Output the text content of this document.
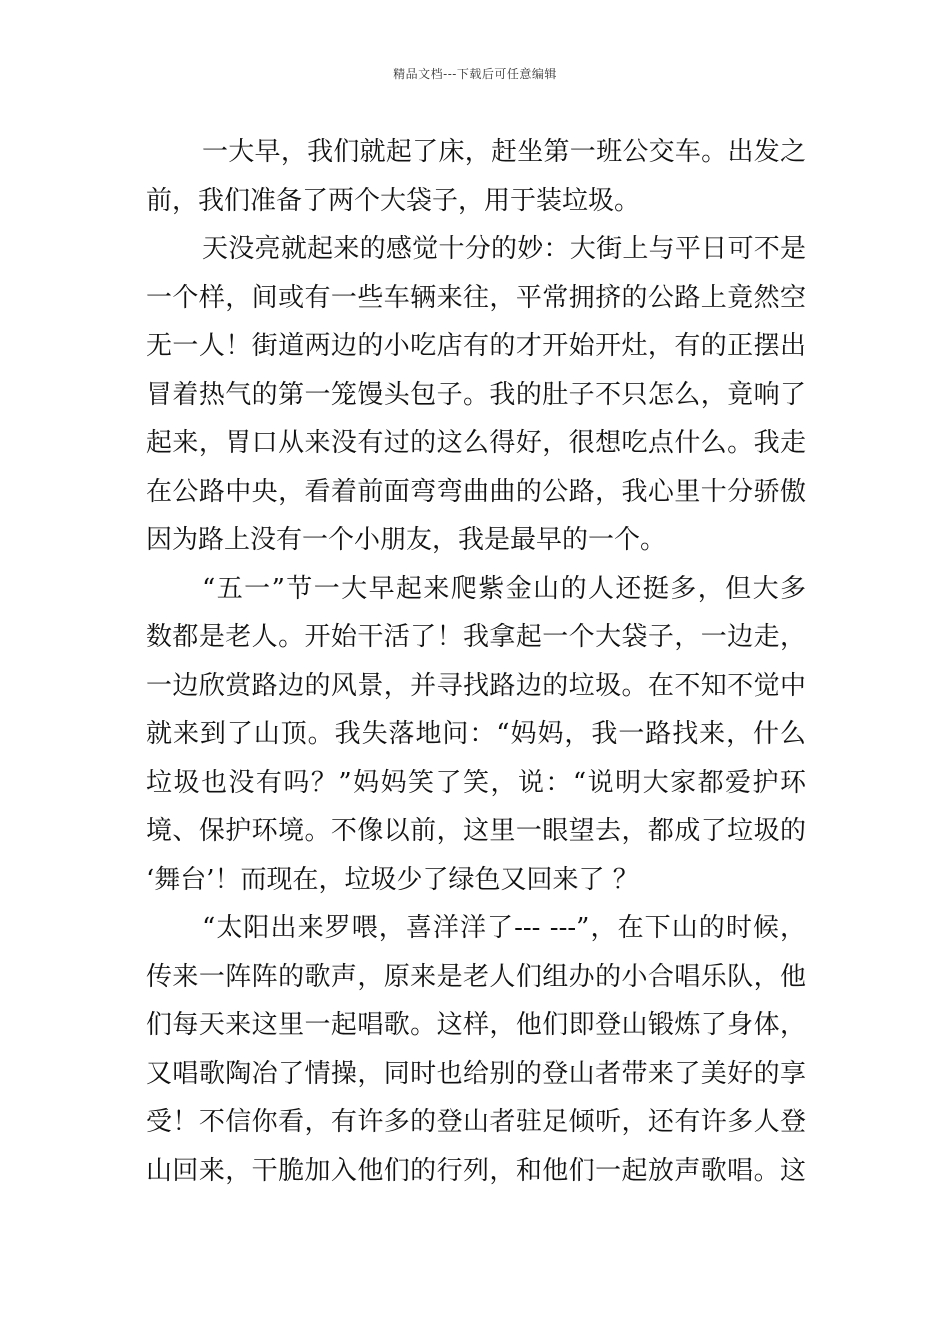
精品文档---下载后可任意编辑
一大早，我们就起了床，赶坐第一班公交车。出发之
前，我们准备了两个大袋子，用于装垃圾。
天没亮就起来的感觉十分的妙：大街上与平日可不是
一个样，间或有一些车辆来往，平常拥挤的公路上竟然空
无一人！街道两边的小吃店有的才开始开灶，有的正摆出
冒着热气的第一笼馒头包子。我的肚子不只怎么，竟响了
起来，胃口从来没有过的这么得好，很想吃点什么。我走
在公路中央，看着前面弯弯曲曲的公路，我心里十分骄傲
因为路上没有一个小朋友，我是最早的一个。
“五一”节一大早起来爬紫金山的人还挺多，但大多
数都是老人。开始干活了！我拿起一个大袋子，一边走，
一边欣赏路边的风景，并寻找路边的垃圾。在不知不觉中
就来到了山顶。我失落地问：“妈妈，我一路找来，什么
垃圾也没有吗？”妈妈笑了笑，说：“说明大家都爱护环
境、保护环境。不像以前，这里一眼望去，都成了垃圾的
‘舞台’！而现在，垃圾少了绿色又回来了 ？
“太阳出来罗喂，喜洋洋了--- ---”，在下山的时候，
传来一阵阵的歌声，原来是老人们组办的小合唱乐队，他
们每天来这里一起唱歌。这样，他们即登山锻炼了身体，
又唱歌陶冶了情操，同时也给别的登山者带来了美好的享
受！不信你看，有许多的登山者驻足倾听，还有许多人登
山回来，干脆加入他们的行列，和他们一起放声歌唱。这
